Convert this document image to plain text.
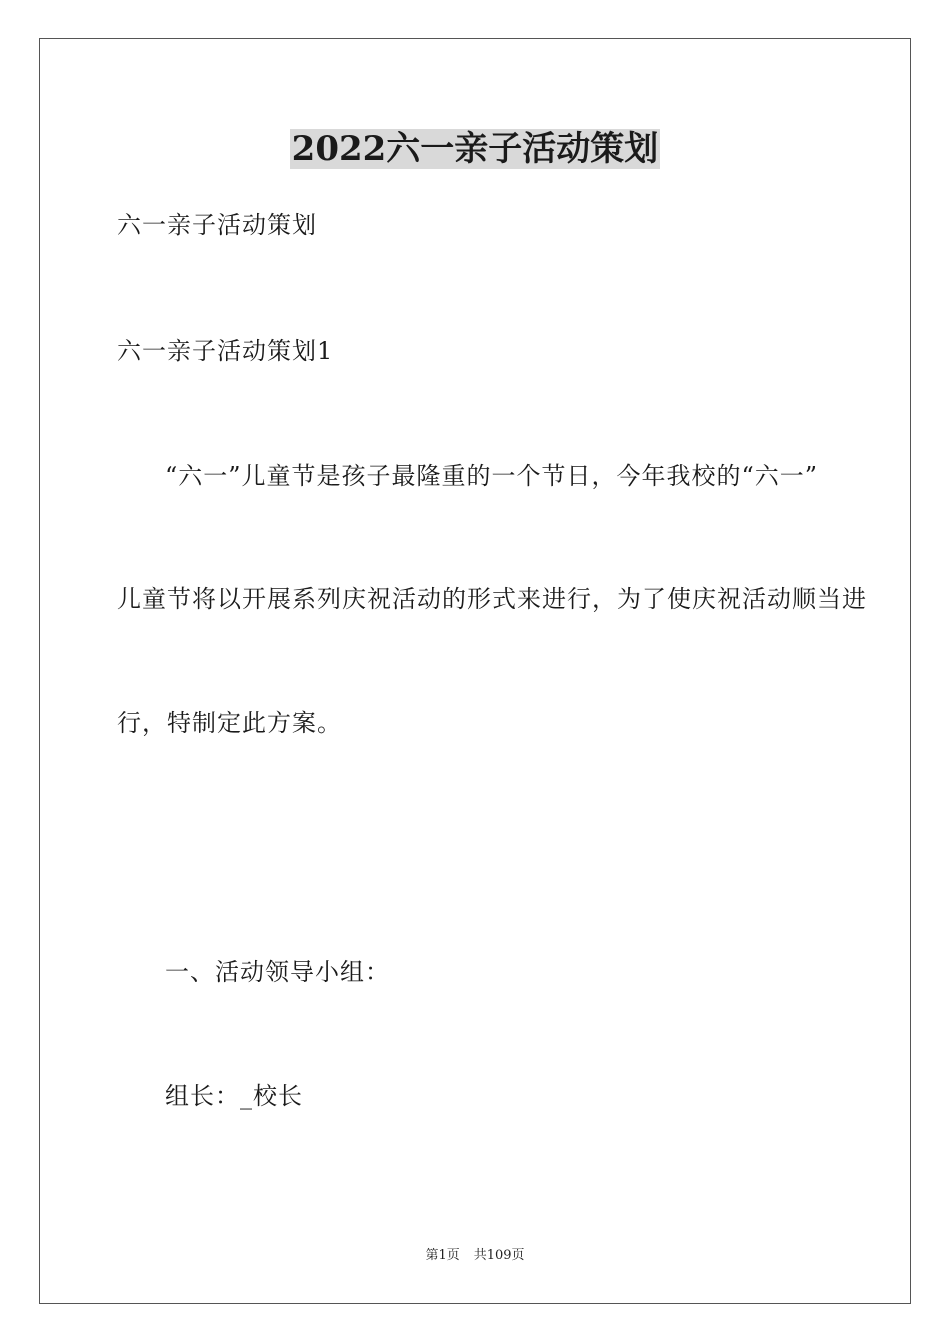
2022六一亲子活动策划
六一亲子活动策划
六一亲子活动策划1
“六一”儿童节是孩子最隆重的一个节日，今年我校的“六一”
儿童节将以开展系列庆祝活动的形式来进行，为了使庆祝活动顺当进
行，特制定此方案。
一、活动领导小组：
组长：_校长
第1页 共109页
